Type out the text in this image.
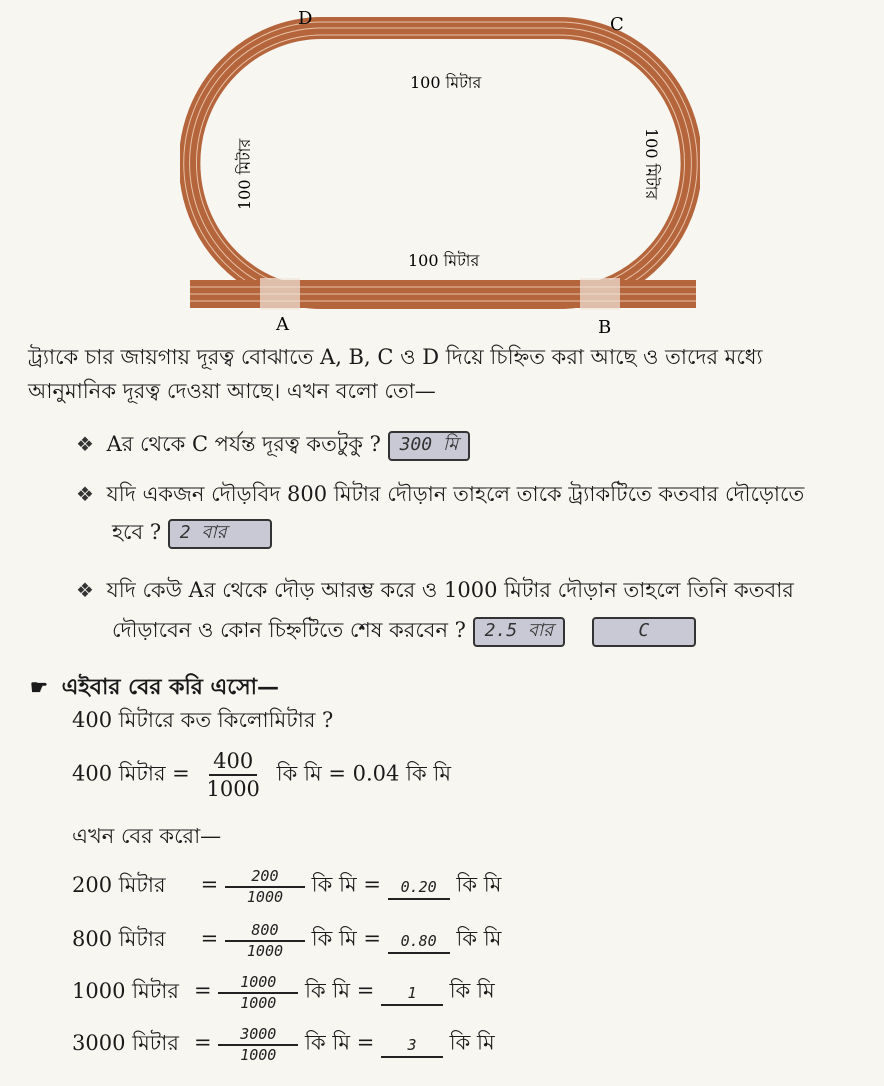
D	C
A	B
100 মিটার
100 মিটার
100 মিটার	100 মিটার
ট্র্যাকে চার জায়গায় দূরত্ব বোঝাতে A, B, C ও D দিয়ে চিহ্নিত করা আছে ও তাদের মধ্যে
আনুমানিক দূরত্ব দেওয়া আছে। এখন বলো তো—
❖ Aর থেকে C পর্যন্ত দূরত্ব কতটুকু ? 300 মি
❖ যদি একজন দৌড়বিদ 800 মিটার দৌড়ান তাহলে তাকে ট্র্যাকটিতে কতবার দৌড়োতে
হবে ? 2 বার
❖ যদি কেউ Aর থেকে দৌড় আরম্ভ করে ও 1000 মিটার দৌড়ান তাহলে তিনি কতবার
দৌড়াবেন ও কোন চিহ্নটিতে শেষ করবেন ? 2.5 বার	C
☛ এইবার বের করি এসো—
400 মিটারে কত কিলোমিটার ?
400 মিটার = $\frac{400}{1000}$ কি মি = 0.04 কি মি
এখন বের করো—
200 মিটার = $\frac{200}{1000}$ কি মি = 0.20 কি মি
800 মিটার = $\frac{800}{1000}$ কি মি = 0.80 কি মি
1000 মিটার = $\frac{1000}{1000}$ কি মি = 1 কি মি
3000 মিটার = $\frac{3000}{1000}$ কি মি = 3 কি মি
